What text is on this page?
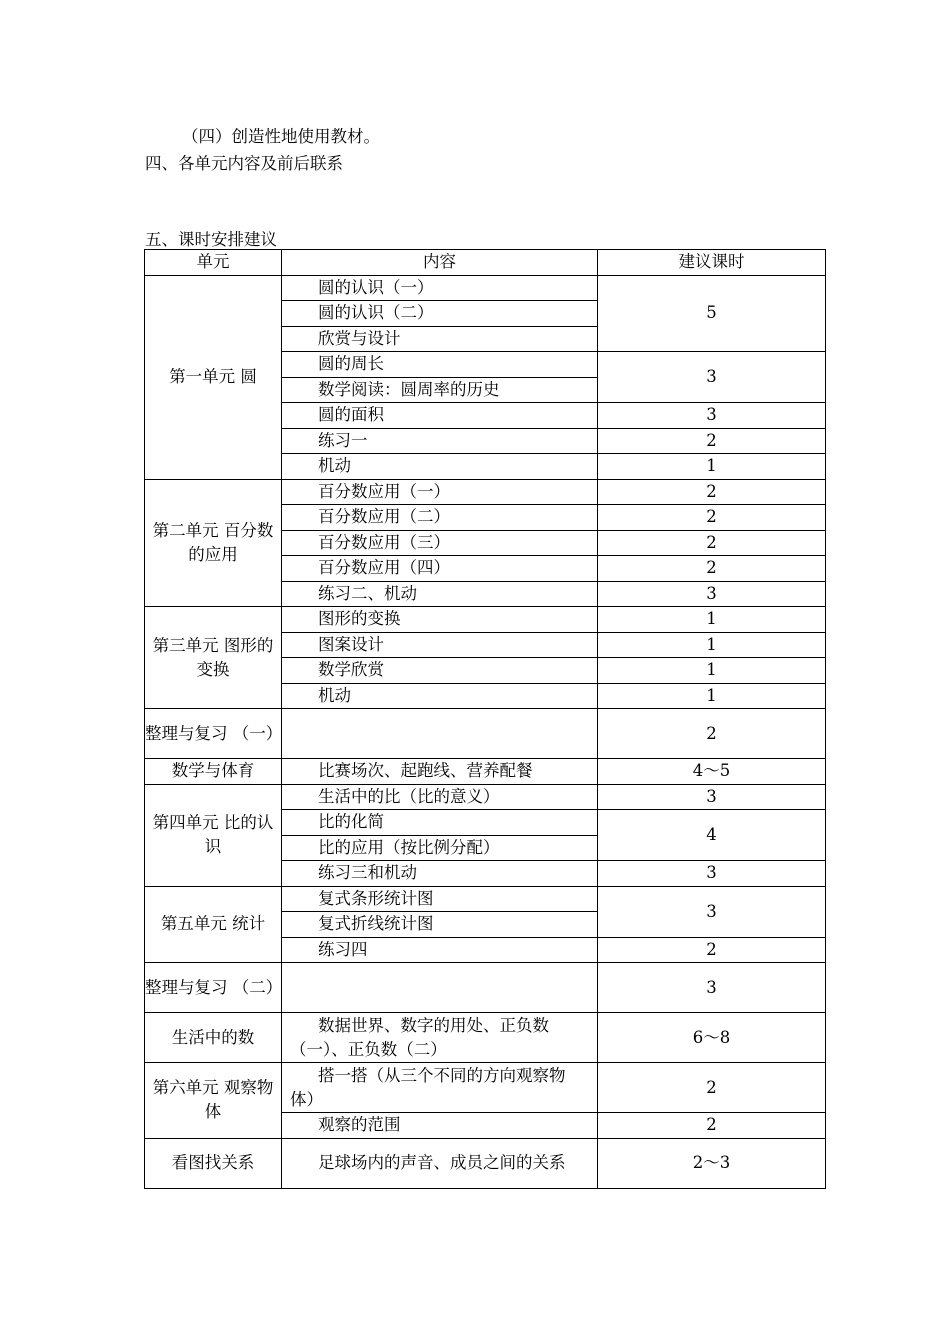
（四）创造性地使用教材。
四、各单元内容及前后联系
五、课时安排建议
单元	内容	建议课时
第一单元 圆	圆的认识（一）	5
	圆的认识（二）	
	欣赏与设计	
	圆的周长	3
	数学阅读：圆周率的历史	
	圆的面积	3
	练习一	2
	机动	1
第二单元 百分数的应用	百分数应用（一）	2
	百分数应用（二）	2
	百分数应用（三）	2
	百分数应用（四）	2
	练习二、机动	3
第三单元 图形的变换	图形的变换	1
	图案设计	1
	数学欣赏	1
	机动	1
整理与复习 （一）		2
数学与体育	比赛场次、起跑线、营养配餐	4～5
第四单元 比的认识	生活中的比（比的意义）	3
	比的化简	4
	比的应用（按比例分配）	
	练习三和机动	3
第五单元 统计	复式条形统计图	3
	复式折线统计图	
	练习四	2
整理与复习 （二）		3
生活中的数	数据世界、数字的用处、正负数（一）、正负数（二）	6～8
第六单元 观察物体	搭一搭（从三个不同的方向观察物体）	2
	观察的范围	2
看图找关系	足球场内的声音、成员之间的关系	2～3
